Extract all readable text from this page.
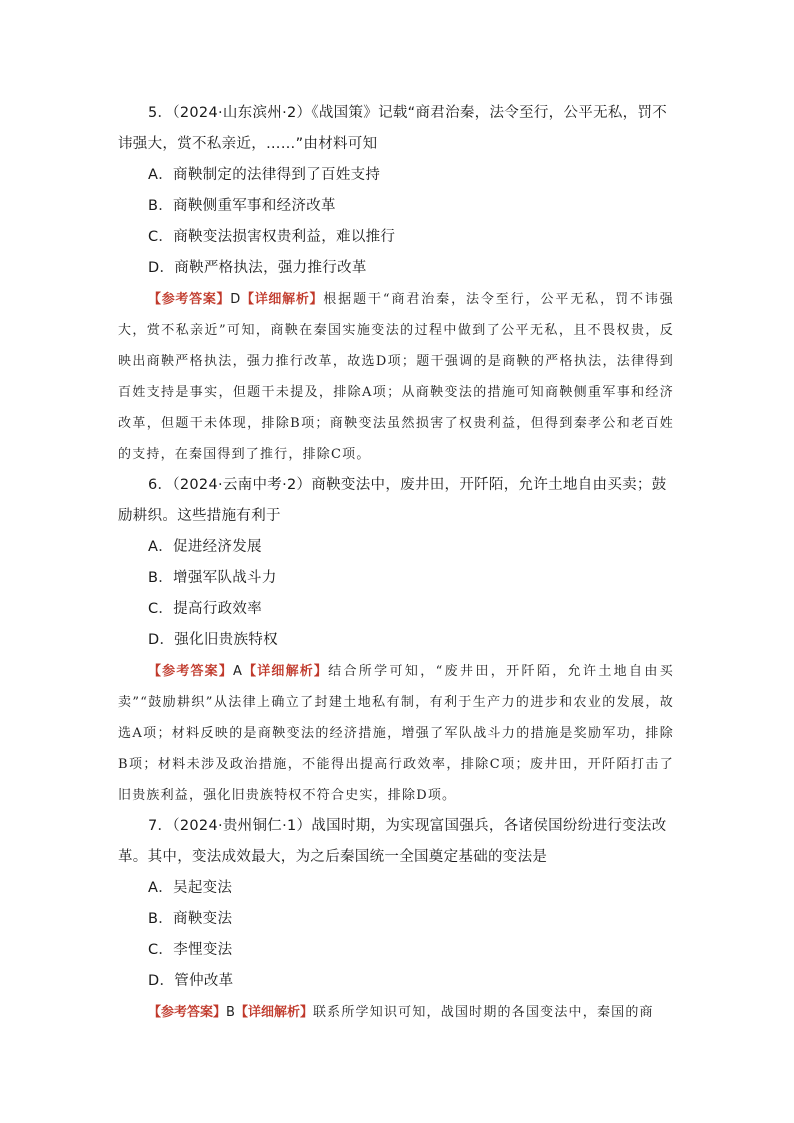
5．（2024·山东滨州·2）《战国策》记载“商君治秦，法令至行，公平无私，罚不讳强大，赏不私亲近，……”由材料可知

A．商鞅制定的法律得到了百姓支持

B．商鞅侧重军事和经济改革

C．商鞅变法损害权贵利益，难以推行

D．商鞅严格执法，强力推行改革

【参考答案】D【详细解析】根据题干“商君治秦，法令至行，公平无私，罚不讳强大，赏不私亲近”可知，商鞅在秦国实施变法的过程中做到了公平无私，且不畏权贵，反映出商鞅严格执法，强力推行改革，故选D项；题干强调的是商鞅的严格执法，法律得到百姓支持是事实，但题干未提及，排除A项；从商鞅变法的措施可知商鞅侧重军事和经济改革，但题干未体现，排除B项；商鞅变法虽然损害了权贵利益，但得到秦孝公和老百姓的支持，在秦国得到了推行，排除C项。

6．（2024·云南中考·2）商鞅变法中，废井田，开阡陌，允许土地自由买卖；鼓励耕织。这些措施有利于

A．促进经济发展

B．增强军队战斗力

C．提高行政效率

D．强化旧贵族特权

【参考答案】A【详细解析】结合所学可知，“废井田，开阡陌，允许土地自由买卖”“鼓励耕织”从法律上确立了封建土地私有制，有利于生产力的进步和农业的发展，故选A项；材料反映的是商鞅变法的经济措施，增强了军队战斗力的措施是奖励军功，排除B项；材料未涉及政治措施，不能得出提高行政效率，排除C项；废井田，开阡陌打击了旧贵族利益，强化旧贵族特权不符合史实，排除D项。

7．（2024·贵州铜仁·1）战国时期，为实现富国强兵，各诸侯国纷纷进行变法改革。其中，变法成效最大，为之后秦国统一全国奠定基础的变法是

A．吴起变法

B．商鞅变法

C．李悝变法

D．管仲改革

【参考答案】B【详细解析】联系所学知识可知，战国时期的各国变法中，秦国的商
